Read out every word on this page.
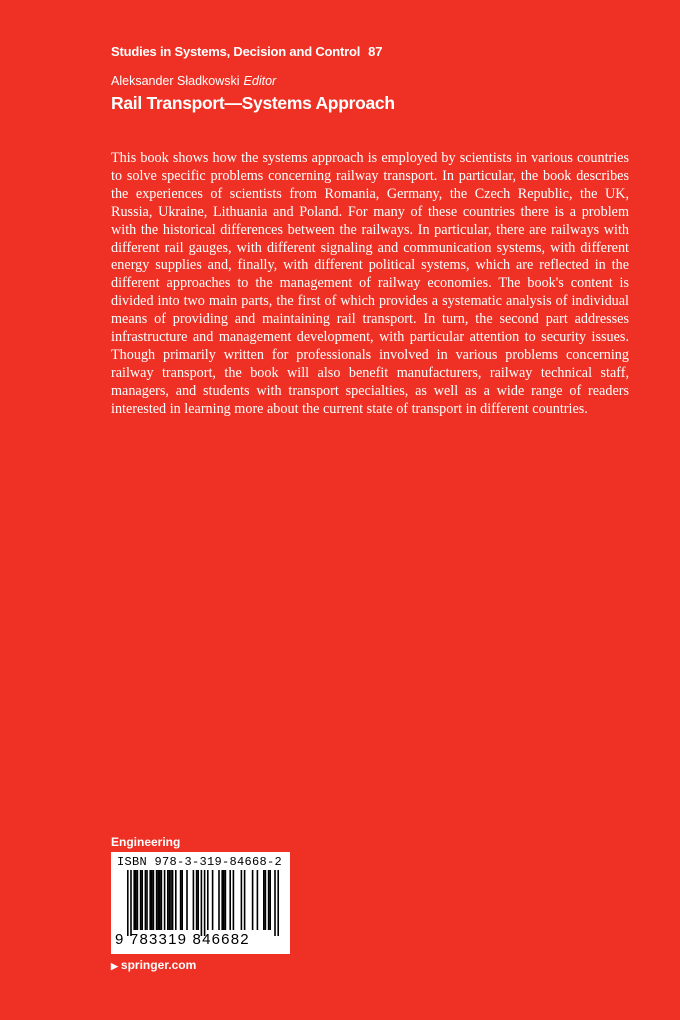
Studies in Systems, Decision and Control 87
Aleksander Sładkowski Editor
Rail Transport—Systems Approach

This book shows how the systems approach is employed by scientists in various countries to solve specific problems concerning railway transport. In particular, the book describes the experiences of scientists from Romania, Germany, the Czech Republic, the UK, Russia, Ukraine, Lithuania and Poland. For many of these countries there is a problem with the historical differences between the railways. In particular, there are railways with different rail gauges, with different signaling and communication systems, with different energy supplies and, finally, with different political systems, which are reflected in the different approaches to the management of railway economies. The book's content is divided into two main parts, the first of which provides a systematic analysis of individual means of providing and maintaining rail transport. In turn, the second part addresses infrastructure and management development, with particular attention to security issues. Though primarily written for professionals involved in various problems concerning railway transport, the book will also benefit manufacturers, railway technical staff, managers, and students with transport specialties, as well as a wide range of readers interested in learning more about the current state of transport in different countries.

Engineering
ISBN 978-3-319-84668-2
9 783319 846682
▶ springer.com
